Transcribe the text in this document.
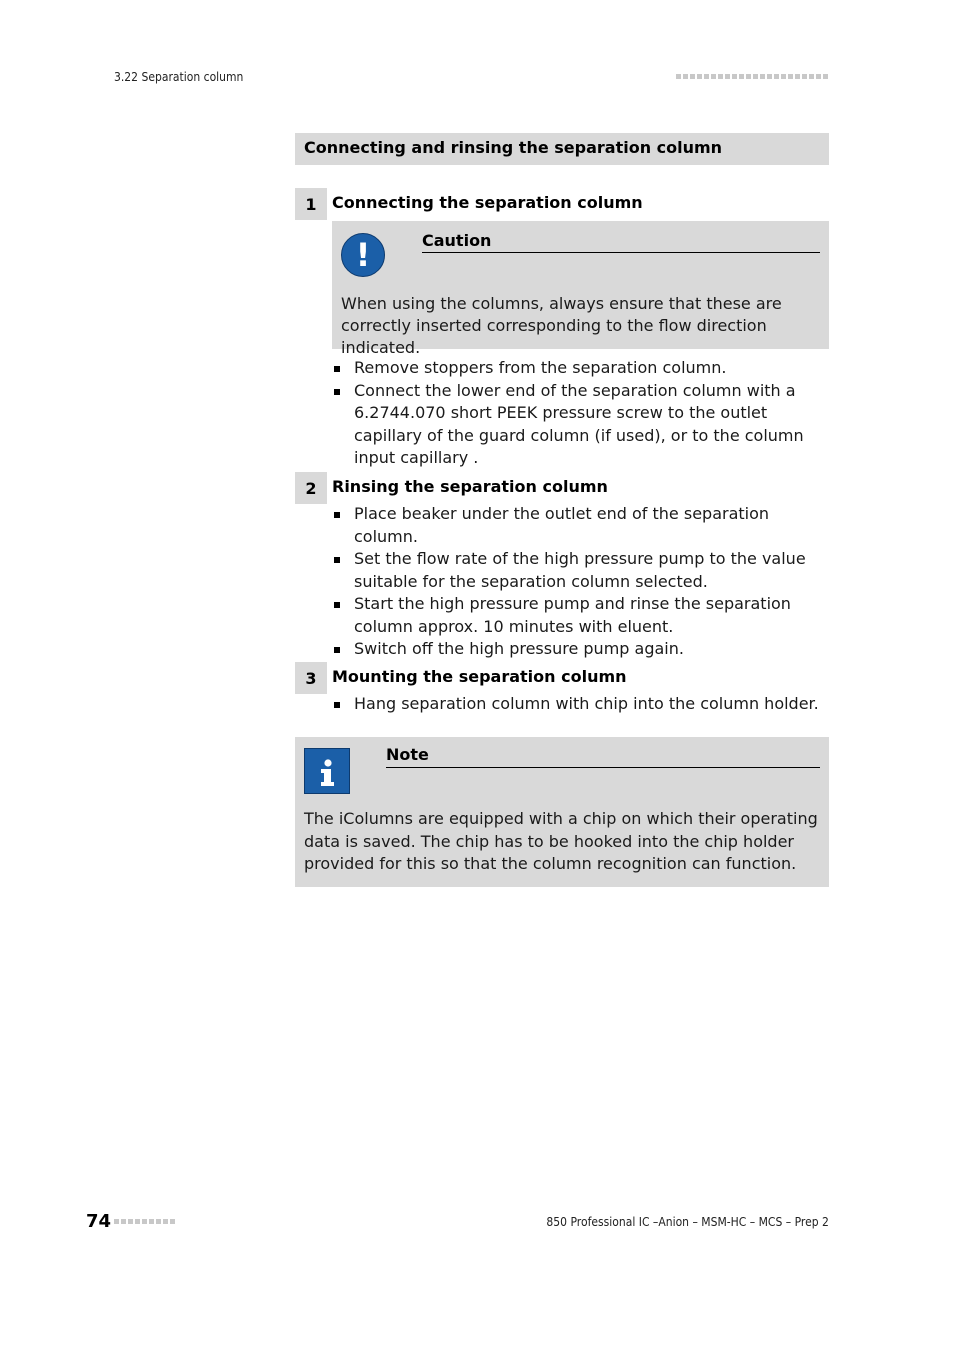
3.22 Separation column
Connecting and rinsing the separation column
1 Connecting the separation column
!	Caution
When using the columns, always ensure that these are correctly inserted corresponding to the flow direction indicated.
Remove stoppers from the separation column.
Connect the lower end of the separation column with a 6.2744.070 short PEEK pressure screw to the outlet capillary of the guard column (if used), or to the column input capillary .
2 Rinsing the separation column
Place beaker under the outlet end of the separation column.
Set the flow rate of the high pressure pump to the value suitable for the separation column selected.
Start the high pressure pump and rinse the separation column approx. 10 minutes with eluent.
Switch off the high pressure pump again.
3 Mounting the separation column
Hang separation column with chip into the column holder.
Note
The iColumns are equipped with a chip on which their operating data is saved. The chip has to be hooked into the chip holder provided for this so that the column recognition can function.
74	850 Professional IC –Anion – MSM-HC – MCS – Prep 2
